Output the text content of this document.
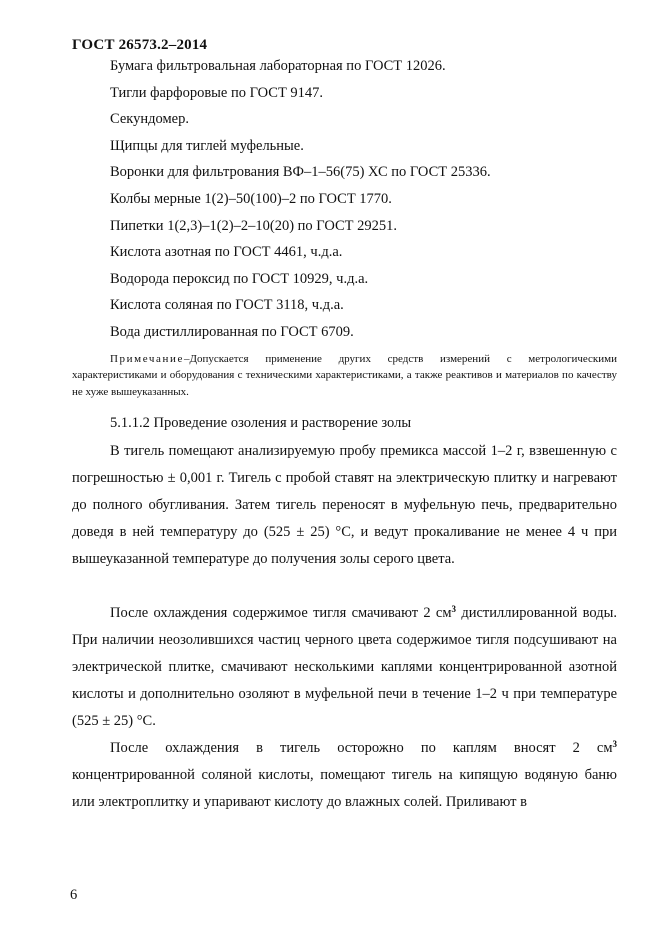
ГОСТ 26573.2–2014
Бумага фильтровальная лабораторная по ГОСТ 12026.
Тигли фарфоровые по ГОСТ 9147.
Секундомер.
Щипцы для тиглей муфельные.
Воронки для фильтрования ВФ–1–56(75) ХС по ГОСТ 25336.
Колбы мерные 1(2)–50(100)–2 по ГОСТ 1770.
Пипетки 1(2,3)–1(2)–2–10(20) по ГОСТ 29251.
Кислота азотная по ГОСТ 4461, ч.д.а.
Водорода пероксид по ГОСТ 10929, ч.д.а.
Кислота соляная по ГОСТ 3118, ч.д.а.
Вода дистиллированная по ГОСТ 6709.
Примечание–Допускается применение других средств измерений с метрологическими характеристиками и оборудования с техническими характеристиками, а также реактивов и материалов по качеству не хуже вышеуказанных.
5.1.1.2 Проведение озоления и растворение золы
В тигель помещают анализируемую пробу премикса массой 1–2 г, взвешенную с погрешностью ± 0,001 г. Тигель с пробой ставят на электрическую плитку и нагревают до полного обугливания. Затем тигель переносят в муфельную печь, предварительно доведя в ней температуру до (525 ± 25) °С, и ведут прокаливание не менее 4 ч при вышеуказанной температуре до получения золы серого цвета.
После охлаждения содержимое тигля смачивают 2 $см^3$ дистиллированной воды. При наличии неозолившихся частиц черного цвета содержимое тигля подсушивают на электрической плитке, смачивают несколькими каплями концентрированной азотной кислоты и дополнительно озоляют в муфельной печи в течение 1–2 ч при температуре (525 ± 25) °С.
После охлаждения в тигель осторожно по каплям вносят 2 $см^3$ концентрированной соляной кислоты, помещают тигель на кипящую водяную баню или электроплитку и упаривают кислоту до влажных солей. Приливают в
6
